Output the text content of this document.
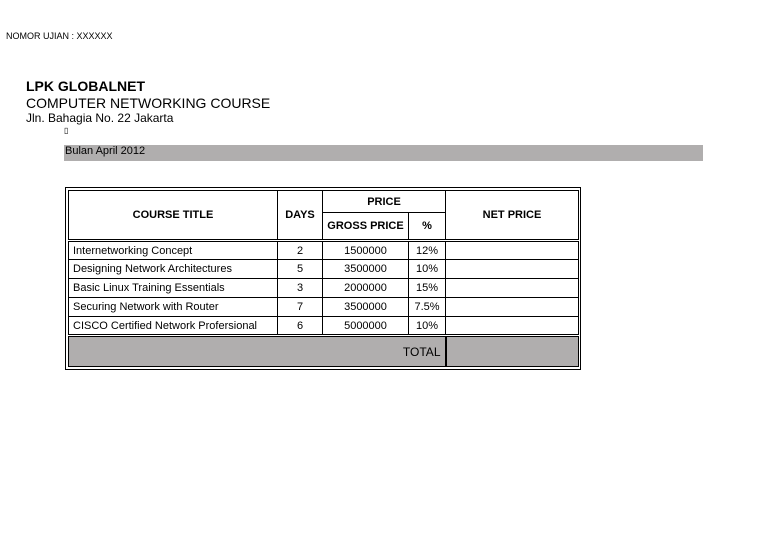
NOMOR UJIAN : XXXXXX
LPK GLOBALNET
COMPUTER NETWORKING COURSE
Jln. Bahagia No. 22 Jakarta
▯
Bulan April 2012
COURSE TITLE	DAYS	PRICE		NET PRICE
		GROSS PRICE	%	
Internetworking Concept	2	1500000	12%	
Designing Network Architectures	5	3500000	10%	
Basic Linux Training Essentials	3	2000000	15%	
Securing Network with Router	7	3500000	7.5%	
CISCO Certified Network Profersional	6	5000000	10%	
TOTAL				
